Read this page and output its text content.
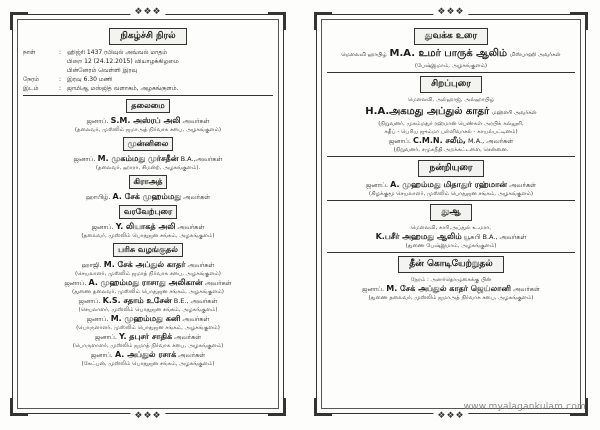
❖❖❖
❖❖❖
நிகழ்ச்சி நிரல்
நாள்	: ஹிஜ்ரி 1437 ரபிவுல் அவ்வல் மாதம்
பிறை 12 (24.12.2015) வியாழக்கிழமை
பின்னேரம் வெள்ளி இரவு
நேரம்	: இரவு 6.30 மணி
இடம்	: ஜாமிஆ மஸ்ஜித் வளாகம், அழகங்குளம்.
தலைமை
ஜனாப். S.M. அஸ்ரப் அலி அவர்கள்
(தலைவர், முஸ்லிம் ஜமாஅத் நிர்வாக சபை, அழகங்குளம்)
முன்னிலை
ஜனாப். M. முகம்மது முர்சதீன் B.A.,அவர்கள்
(தலைவர், ஹாரா, சிமன்ற், அழகங்குளம்).
கிராஅத்
ஹாபிழ். A. சேக் முஹம்மது அவர்கள்
வரவேற்புரை
ஜனாப். Y. லியாகத் அலி அவர்கள்
(தலைவர், முஸ்லிம் பொதுஜன சங்கம், அழகங்குளம்)
பரிசு வழங்குதல்
ஹாஜி. M. சேக் அப்துல் காதர் அவர்கள்
(செயலாளர், முஸ்லிம் ஜமாத் நிர்வாக சபை, அழகங்குளம்)
ஜனாப். A. முஹம்மது ராசாது அலிகான் அவர்கள்
(துணை தலைவர், முஸ்லிம் பொதுஜன சங்கம், அழகங்குளம்)
ஜனாப். K.S. சதாம் உசேன் B.E., அவர்கள்
(செயலாளர், முஸ்லிம் பொதுஜன சங்கம், அழகங்குளம்)
ஜனாப். M. முஹம்மது கனி அவர்கள்
(பொருளாளர், முஸ்லிம் பொதுஜன சங்கம், அழகங்குளம்)
ஜனாப். Y. தபுசர் சாதிக் அவர்கள்
(பொருளாளர், முஸ்லிம் ஜமாத் நிர்வாக சபை, அழகங்குளம்)
ஜனாப். A. அப்துல் ரசாக் அவர்கள்
(கேட்பன், முஸ்லிம் பொதுஜன சங்கம், அழகங்குளம்)
❖❖❖
❖❖❖
துவக்க உரை
மௌலவி ஹாபிழ் M.A. உமர் பாருக் ஆலிம் மிஸ்பாஹி அவர்கள்
(பேஷ்இமாம், அழகங்குளம்)
சிறப்புரை
மௌலவி, அல்ஹாஜ், அல்ஹாபிழ்
H.A.அகமது அப்துல் காதர் மஹ்ளரி அவர்கள்
(நிறுவனர், முகம்மதுர் ரஹ்மான் பெண்கள் அரபிக் கல்லூரி,
கதீப் - பெரிய ஜும்மா பள்ளிவாசல் - காயல்பட்டினம்)
ஜனாப். C.M.N. சலீம், M.A., அவர்கள்
(நிறுவனர், சமுகநீதி அறக்கட்டளை, சென்னை.
நன்றியுரை
ஜனாப். A. முஹம்மது மிதாதுர் ரஹ்மான் அவர்கள்
(கிழக்குமூ செயலாளர், முஸ்லிம் பொதுஜன சங்கம், அழகங்குளம்)
துஆ
மௌலவி, காரி,அப்துல் உ.மரா,
K.பசீர் அஹமது ஆலிம் யூசுபி B.A., அவர்கள்
(துணை பேஷ்இமாம், அழகங்குளம்)
தீன் கொடியேற்றுதல்
நேரம் : அஸர்தொழுகைக்கு பின்
ஜனாப். M. சேக் அப்துல் காதர் ஜெய்லானி அவர்கள்
(துணை தலைவர், முஸ்லிம் ஜமாஅத் நிர்வாக சபை, அழகங்குளம்)
www.myalagankulam.com
